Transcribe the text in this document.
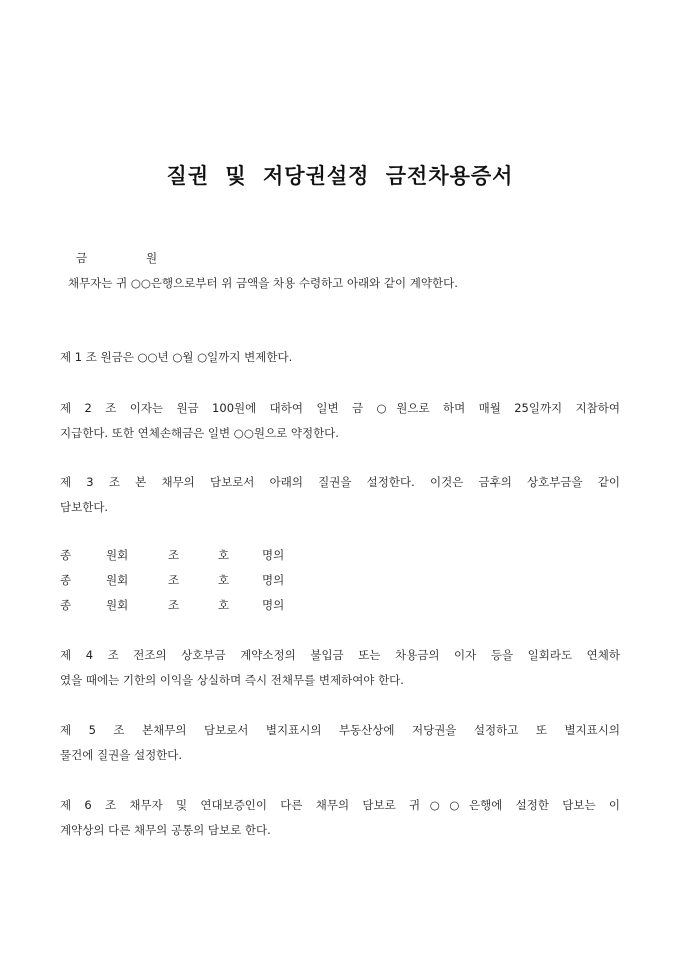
질권 및 저당권설정 금전차용증서
금	원
채무자는 귀 ○○은행으로부터 위 금액을 차용 수령하고 아래와 같이 계약한다.
제 1 조 원금은 ○○년 ○월 ○일까지 변제한다.
제 2 조 이자는 원금 100원에 대하여 일변 금 ○원으로 하며 매월 25일까지 지참하여
지급한다. 또한 연체손해금은 일변 ○○원으로 약정한다.
제 3 조 본 채무의 담보로서 아래의 질권을 설정한다. 이것은 금후의 상호부금을 같이
담보한다.
종	원회	조	호	명의
종	원회	조	호	명의
종	원회	조	호	명의
제 4 조 전조의 상호부금 계약소정의 불입금 또는 차용금의 이자 등을 일회라도 연체하
였을 때에는 기한의 이익을 상실하며 즉시 전채무를 변제하여야 한다.
제 5 조 본채무의 담보로서 별지표시의 부동산상에 저당권을 설정하고 또 별지표시의
물건에 질권을 설정한다.
제 6 조 채무자 및 연대보증인이 다른 채무의 담보로 귀○○은행에 설정한 담보는 이
계약상의 다른 채무의 공통의 담보로 한다.
